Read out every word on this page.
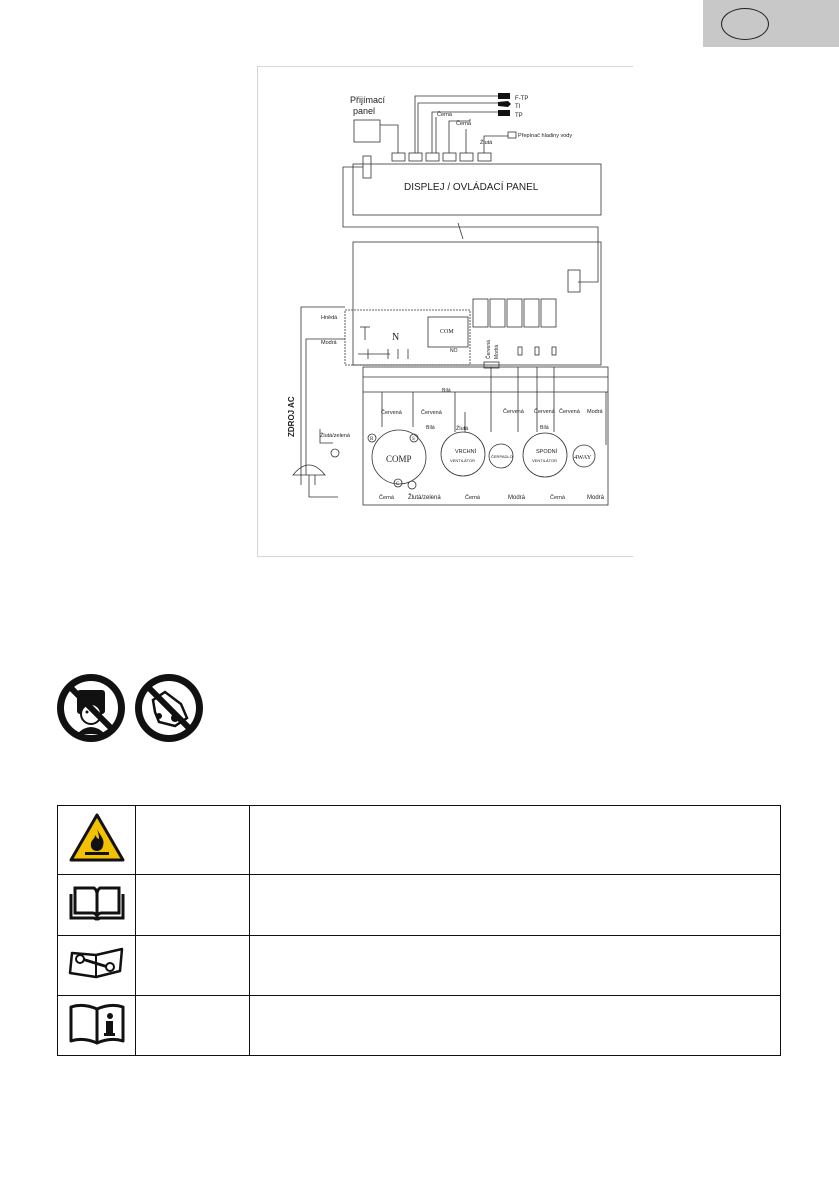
Přijímací
panel
F-TP
TI
TP
Černá
Černá
Žlutá
Přepínač hladiny vody
DISPLEJ / OVLÁDACÍ PANEL
Hnědá
Modrá	N	COM
NO	Červená Modrá
ZDROJ AC	Žlutá/zelená
Bílá
Červená	Červená
Bílá	Žlutá
Červená Červená Červená Modrá
Bílá
COMP
R	S
C
VRCHNÍ
VENTILÁTOR
ČERPADLO
SPODNÍ
VENTILÁTOR	4WAY
Černá Žlutá/zelená	Černá	Modrá	Černá	Modrá
